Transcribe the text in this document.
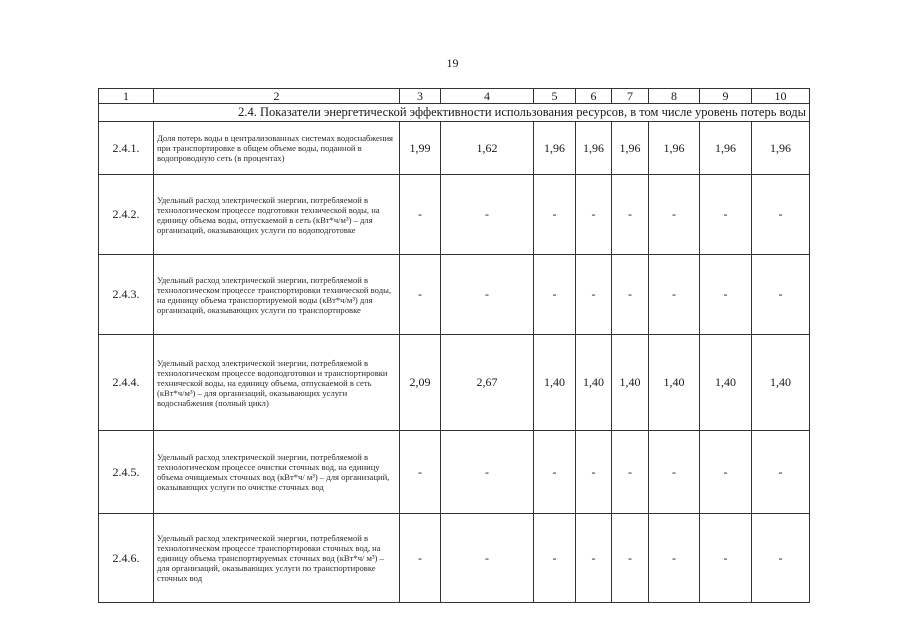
19
1	2	3	4	5	6	7	8	9	10
2.4. Показатели энергетической эффективности использования ресурсов, в том числе уровень потерь воды									
2.4.1.	Доля потерь воды в централизованных системах водоснабжения при транспортировке в общем объеме воды, поданной в водопроводную сеть (в процентах)	1,99	1,62	1,96	1,96	1,96	1,96	1,96	1,96
2.4.2.	Удельный расход электрической энергии, потребляемой в технологическом процессе подготовки технической воды, на единицу объема воды, отпускаемой в сеть (кВт*ч/м³) – для организаций, оказывающих услуги по водоподготовке	-	-	-	-	-	-	-	-
2.4.3.	Удельный расход электрической энергии, потребляемой в технологическом процессе транспортировки технической воды, на единицу объема транспортируемой воды (кВт*ч/м³) для организаций, оказывающих услуги по транспортировке	-	-	-	-	-	-	-	-
2.4.4.	Удельный расход электрической энергии, потребляемой в технологическом процессе водоподготовки и транспортировки технической воды, на единицу объема, отпускаемой в сеть (кВт*ч/м³) – для организаций, оказывающих услуги водоснабжения (полный цикл)	2,09	2,67	1,40	1,40	1,40	1,40	1,40	1,40
2.4.5.	Удельный расход электрической энергии, потребляемой в технологическом процессе очистки сточных вод, на единицу объема очищаемых сточных вод (кВт*ч/ м³) – для организаций, оказывающих услуги по очистке сточных вод	-	-	-	-	-	-	-	-
2.4.6.	Удельный расход электрической энергии, потребляемой в технологическом процессе транспортировки сточных вод, на единицу объема транспортируемых сточных вод (кВт*ч/ м³) – для организаций, оказывающих услуги по транспортировке сточных вод	-	-	-	-	-	-	-	-
